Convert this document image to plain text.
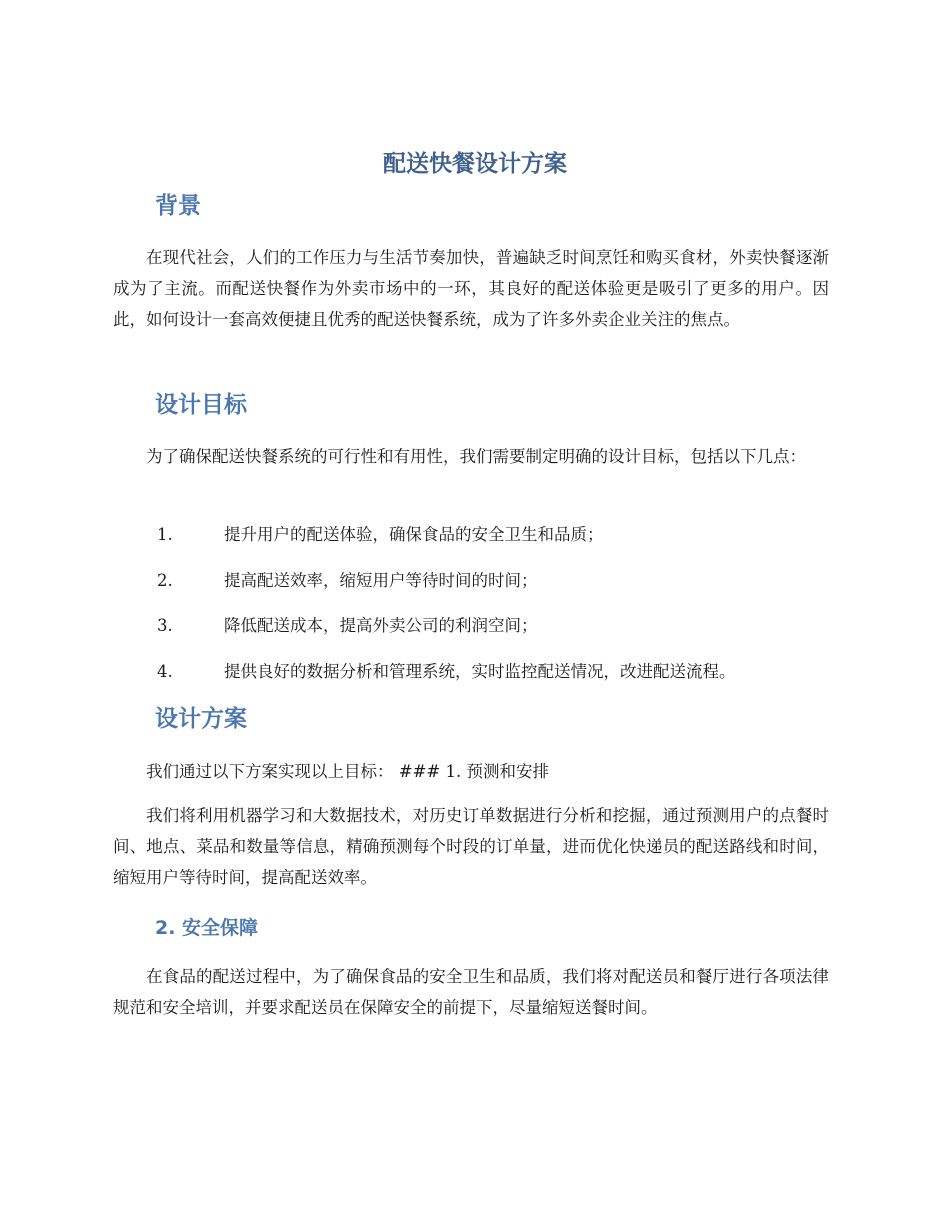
配送快餐设计方案
背景

在现代社会，人们的工作压力与生活节奏加快，普遍缺乏时间烹饪和购买食材，外卖快餐逐渐成为了主流。而配送快餐作为外卖市场中的一环，其良好的配送体验更是吸引了更多的用户。因此，如何设计一套高效便捷且优秀的配送快餐系统，成为了许多外卖企业关注的焦点。

设计目标

为了确保配送快餐系统的可行性和有用性，我们需要制定明确的设计目标，包括以下几点：

1.	提升用户的配送体验，确保食品的安全卫生和品质；
2.	提高配送效率，缩短用户等待时间的时间；
3.	降低配送成本，提高外卖公司的利润空间；
4.	提供良好的数据分析和管理系统，实时监控配送情况，改进配送流程。
设计方案

我们通过以下方案实现以上目标： ### 1. 预测和安排

我们将利用机器学习和大数据技术，对历史订单数据进行分析和挖掘，通过预测用户的点餐时间、地点、菜品和数量等信息，精确预测每个时段的订单量，进而优化快递员的配送路线和时间，缩短用户等待时间，提高配送效率。

2. 安全保障

在食品的配送过程中，为了确保食品的安全卫生和品质，我们将对配送员和餐厅进行各项法律规范和安全培训，并要求配送员在保障安全的前提下，尽量缩短送餐时间。
